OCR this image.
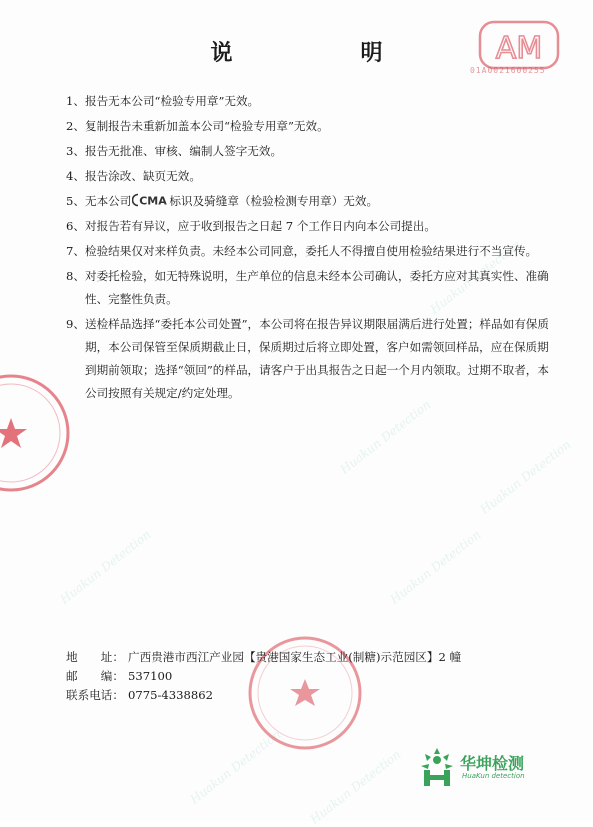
Huakun Detection
Huakun Detection
Huakun Detection
Huakun Detection
Huakun Detection
Huakun Detection
Huakun Detection
AM
01A0021600255
说　　明
1、 报告无本公司“检验专用章”无效。
2、 复制报告未重新加盖本公司“检验专用章”无效。
3、 报告无批准、审核、编制人签字无效。
4、 报告涂改、缺页无效。
5、 无本公司 CMA 标识及骑缝章（检验检测专用章）无效。
6、 对报告若有异议，应于收到报告之日起 7 个工作日内向本公司提出。
7、 检验结果仅对来样负责。未经本公司同意，委托人不得擅自使用检验结果进行不当宣传。
8、 对委托检验，如无特殊说明，生产单位的信息未经本公司确认，委托方应对其真实性、准确性、完整性负责。
9、 送检样品选择“委托本公司处置”，本公司将在报告异议期限届满后进行处置；样品如有保质期，本公司保管至保质期截止日，保质期过后将立即处置，客户如需领回样品，应在保质期到期前领取；选择“领回”的样品，请客户于出具报告之日起一个月内领取。过期不取者，本公司按照有关规定/约定处理。
地　　址： 广西贵港市西江产业园【贵港国家生态工业(制糖)示范园区】2 幢
邮　　编： 537100
联系电话： 0775-4338862
华坤检测
HuaKun detection
